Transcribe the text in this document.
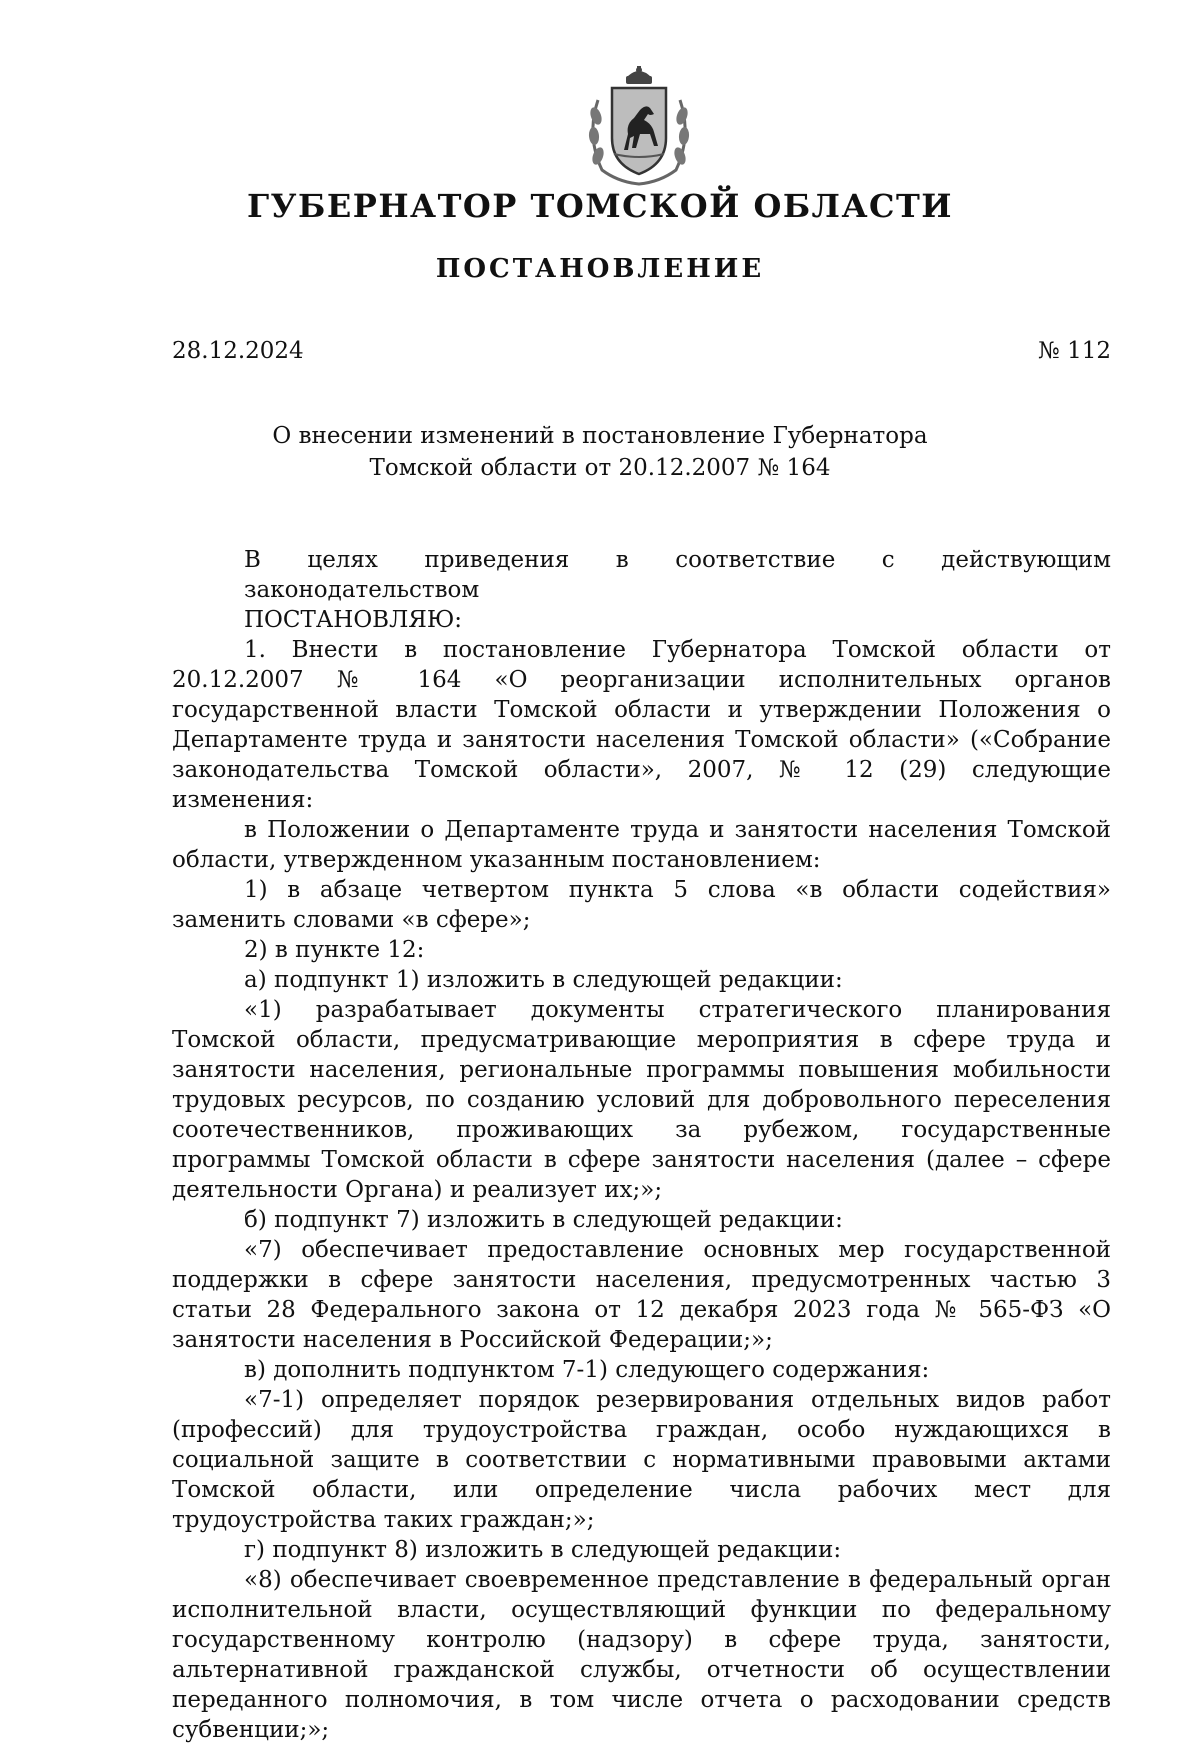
ГУБЕРНАТОР ТОМСКОЙ ОБЛАСТИ
ПОСТАНОВЛЕНИЕ
28.12.2024	№ 112
О внесении изменений в постановление Губернатора
Томской области от 20.12.2007 № 164

В целях приведения в соответствие с действующим законодательством

ПОСТАНОВЛЯЮ:

1. Внести в постановление Губернатора Томской области от 20.12.2007 № 164 «О реорганизации исполнительных органов государственной власти Томской области и утверждении Положения о Департаменте труда и занятости населения Томской области» («Собрание законодательства Томской области», 2007, № 12 (29) следующие изменения:

в Положении о Департаменте труда и занятости населения Томской области, утвержденном указанным постановлением:

1) в абзаце четвертом пункта 5 слова «в области содействия» заменить словами «в сфере»;

2) в пункте 12:

а) подпункт 1) изложить в следующей редакции:

«1) разрабатывает документы стратегического планирования Томской области, предусматривающие мероприятия в сфере труда и занятости населения, региональные программы повышения мобильности трудовых ресурсов, по созданию условий для добровольного переселения соотечественников, проживающих за рубежом, государственные программы Томской области в сфере занятости населения (далее – сфере деятельности Органа) и реализует их;»;

б) подпункт 7) изложить в следующей редакции:

«7) обеспечивает предоставление основных мер государственной поддержки в сфере занятости населения, предусмотренных частью 3 статьи 28 Федерального закона от 12 декабря 2023 года № 565-ФЗ «О занятости населения в Российской Федерации;»;

в) дополнить подпунктом 7-1) следующего содержания:

«7-1) определяет порядок резервирования отдельных видов работ (профессий) для трудоустройства граждан, особо нуждающихся в социальной защите в соответствии с нормативными правовыми актами Томской области, или определение числа рабочих мест для трудоустройства таких граждан;»;

г) подпункт 8) изложить в следующей редакции:

«8) обеспечивает своевременное представление в федеральный орган исполнительной власти, осуществляющий функции по федеральному государственному контролю (надзору) в сфере труда, занятости, альтернативной гражданской службы, отчетности об осуществлении переданного полномочия, в том числе отчета о расходовании средств субвенции;»;
